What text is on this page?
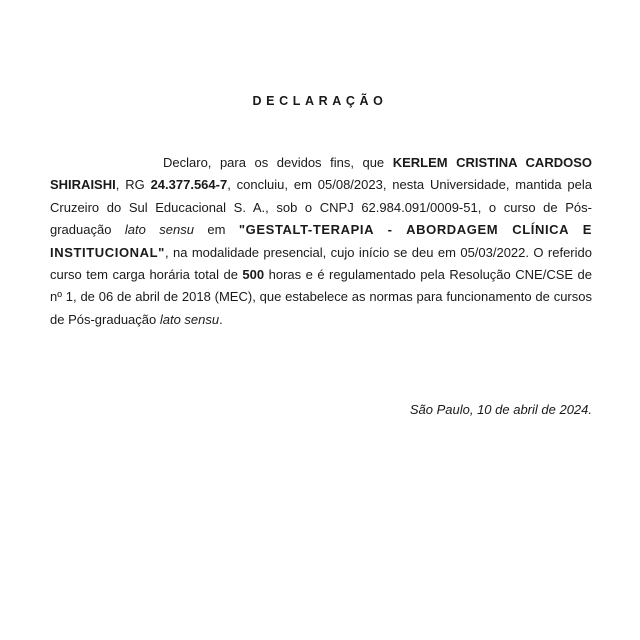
DECLARAÇÃO

Declaro, para os devidos fins, que KERLEM CRISTINA CARDOSO SHIRAISHI, RG 24.377.564-7, concluiu, em 05/08/2023, nesta Universidade, mantida pela Cruzeiro do Sul Educacional S. A., sob o CNPJ 62.984.091/0009-51, o curso de Pós-graduação lato sensu em "GESTALT-TERAPIA - ABORDAGEM CLÍNICA E INSTITUCIONAL", na modalidade presencial, cujo início se deu em 05/03/2022. O referido curso tem carga horária total de 500 horas e é regulamentado pela Resolução CNE/CSE de nº 1, de 06 de abril de 2018 (MEC), que estabelece as normas para funcionamento de cursos de Pós-graduação lato sensu.

São Paulo, 10 de abril de 2024.
